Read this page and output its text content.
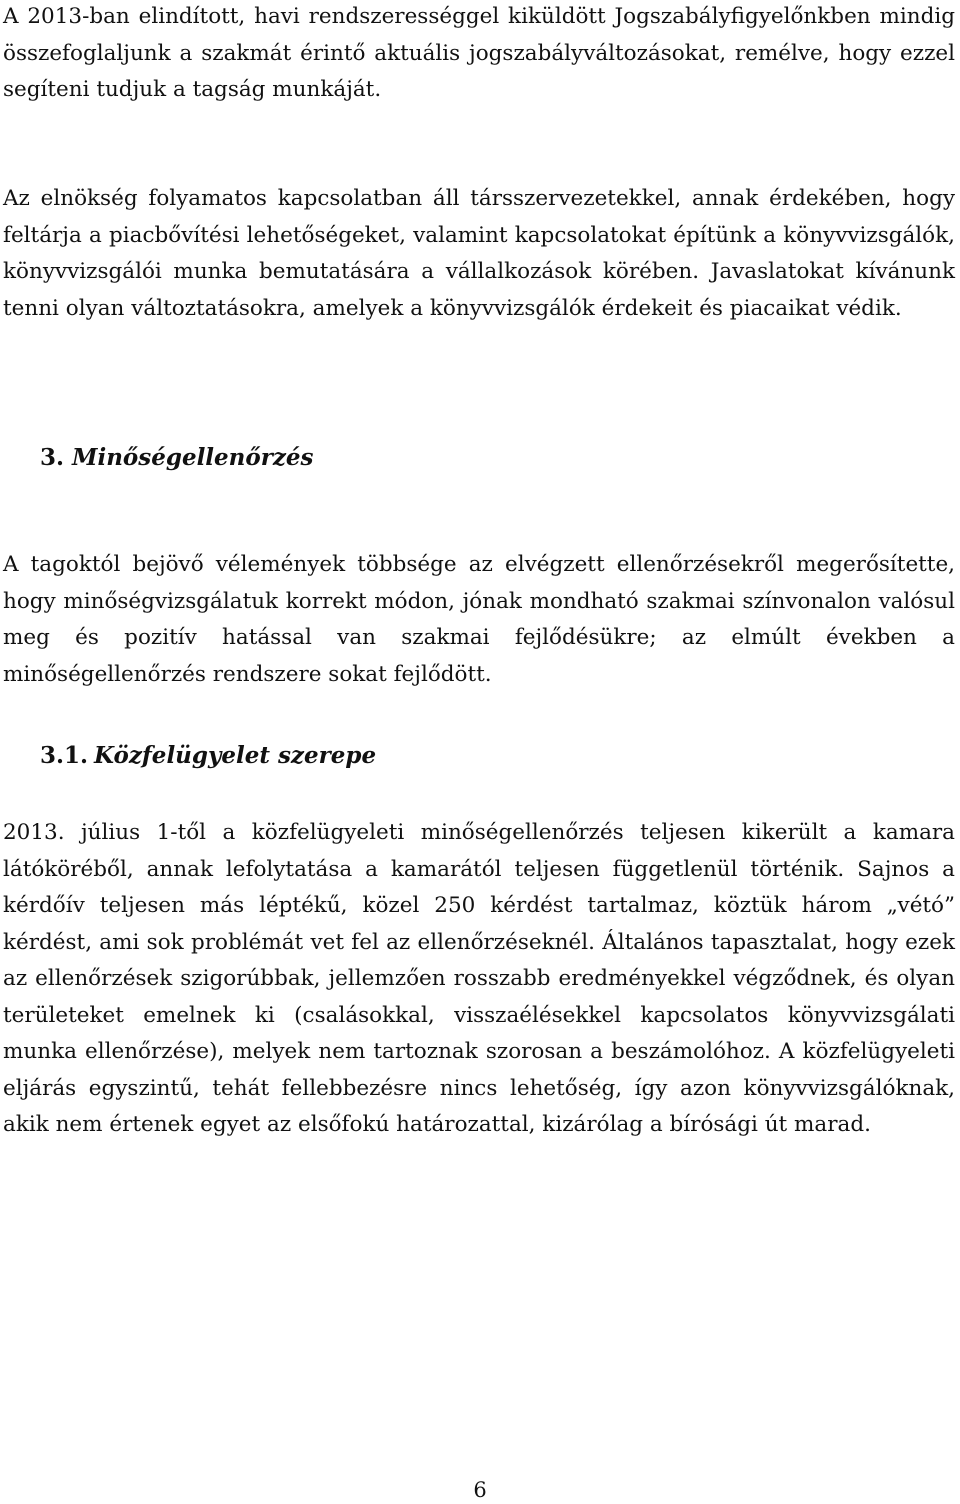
A 2013-ban elindított, havi rendszerességgel kiküldött Jogszabályfigyelőnkben mindig összefoglaljunk a szakmát érintő aktuális jogszabályváltozásokat, remélve, hogy ezzel segíteni tudjuk a tagság munkáját.

Az elnökség folyamatos kapcsolatban áll társszervezetekkel, annak érdekében, hogy feltárja a piacbővítési lehetőségeket, valamint kapcsolatokat építünk a könyvvizsgálók, könyvvizsgálói munka bemutatására a vállalkozások körében. Javaslatokat kívánunk tenni olyan változtatásokra, amelyek a könyvvizsgálók érdekeit és piacaikat védik.

3. Minőségellenőrzés

A tagoktól bejövő vélemények többsége az elvégzett ellenőrzésekről megerősítette, hogy minőségvizsgálatuk korrekt módon, jónak mondható szakmai színvonalon valósul meg és pozitív hatással van szakmai fejlődésükre; az elmúlt években a minőségellenőrzés rendszere sokat fejlődött.

3.1. Közfelügyelet szerepe

2013. július 1-től a közfelügyeleti minőségellenőrzés teljesen kikerült a kamara látóköréből, annak lefolytatása a kamarától teljesen függetlenül történik. Sajnos a kérdőív teljesen más léptékű, közel 250 kérdést tartalmaz, köztük három „vétó” kérdést, ami sok problémát vet fel az ellenőrzéseknél. Általános tapasztalat, hogy ezek az ellenőrzések szigorúbbak, jellemzően rosszabb eredményekkel végződnek, és olyan területeket emelnek ki (csalásokkal, visszaélésekkel kapcsolatos könyvvizsgálati munka ellenőrzése), melyek nem tartoznak szorosan a beszámolóhoz. A közfelügyeleti eljárás egyszintű, tehát fellebbezésre nincs lehetőség, így azon könyvvizsgálóknak, akik nem értenek egyet az elsőfokú határozattal, kizárólag a bírósági út marad.

6
